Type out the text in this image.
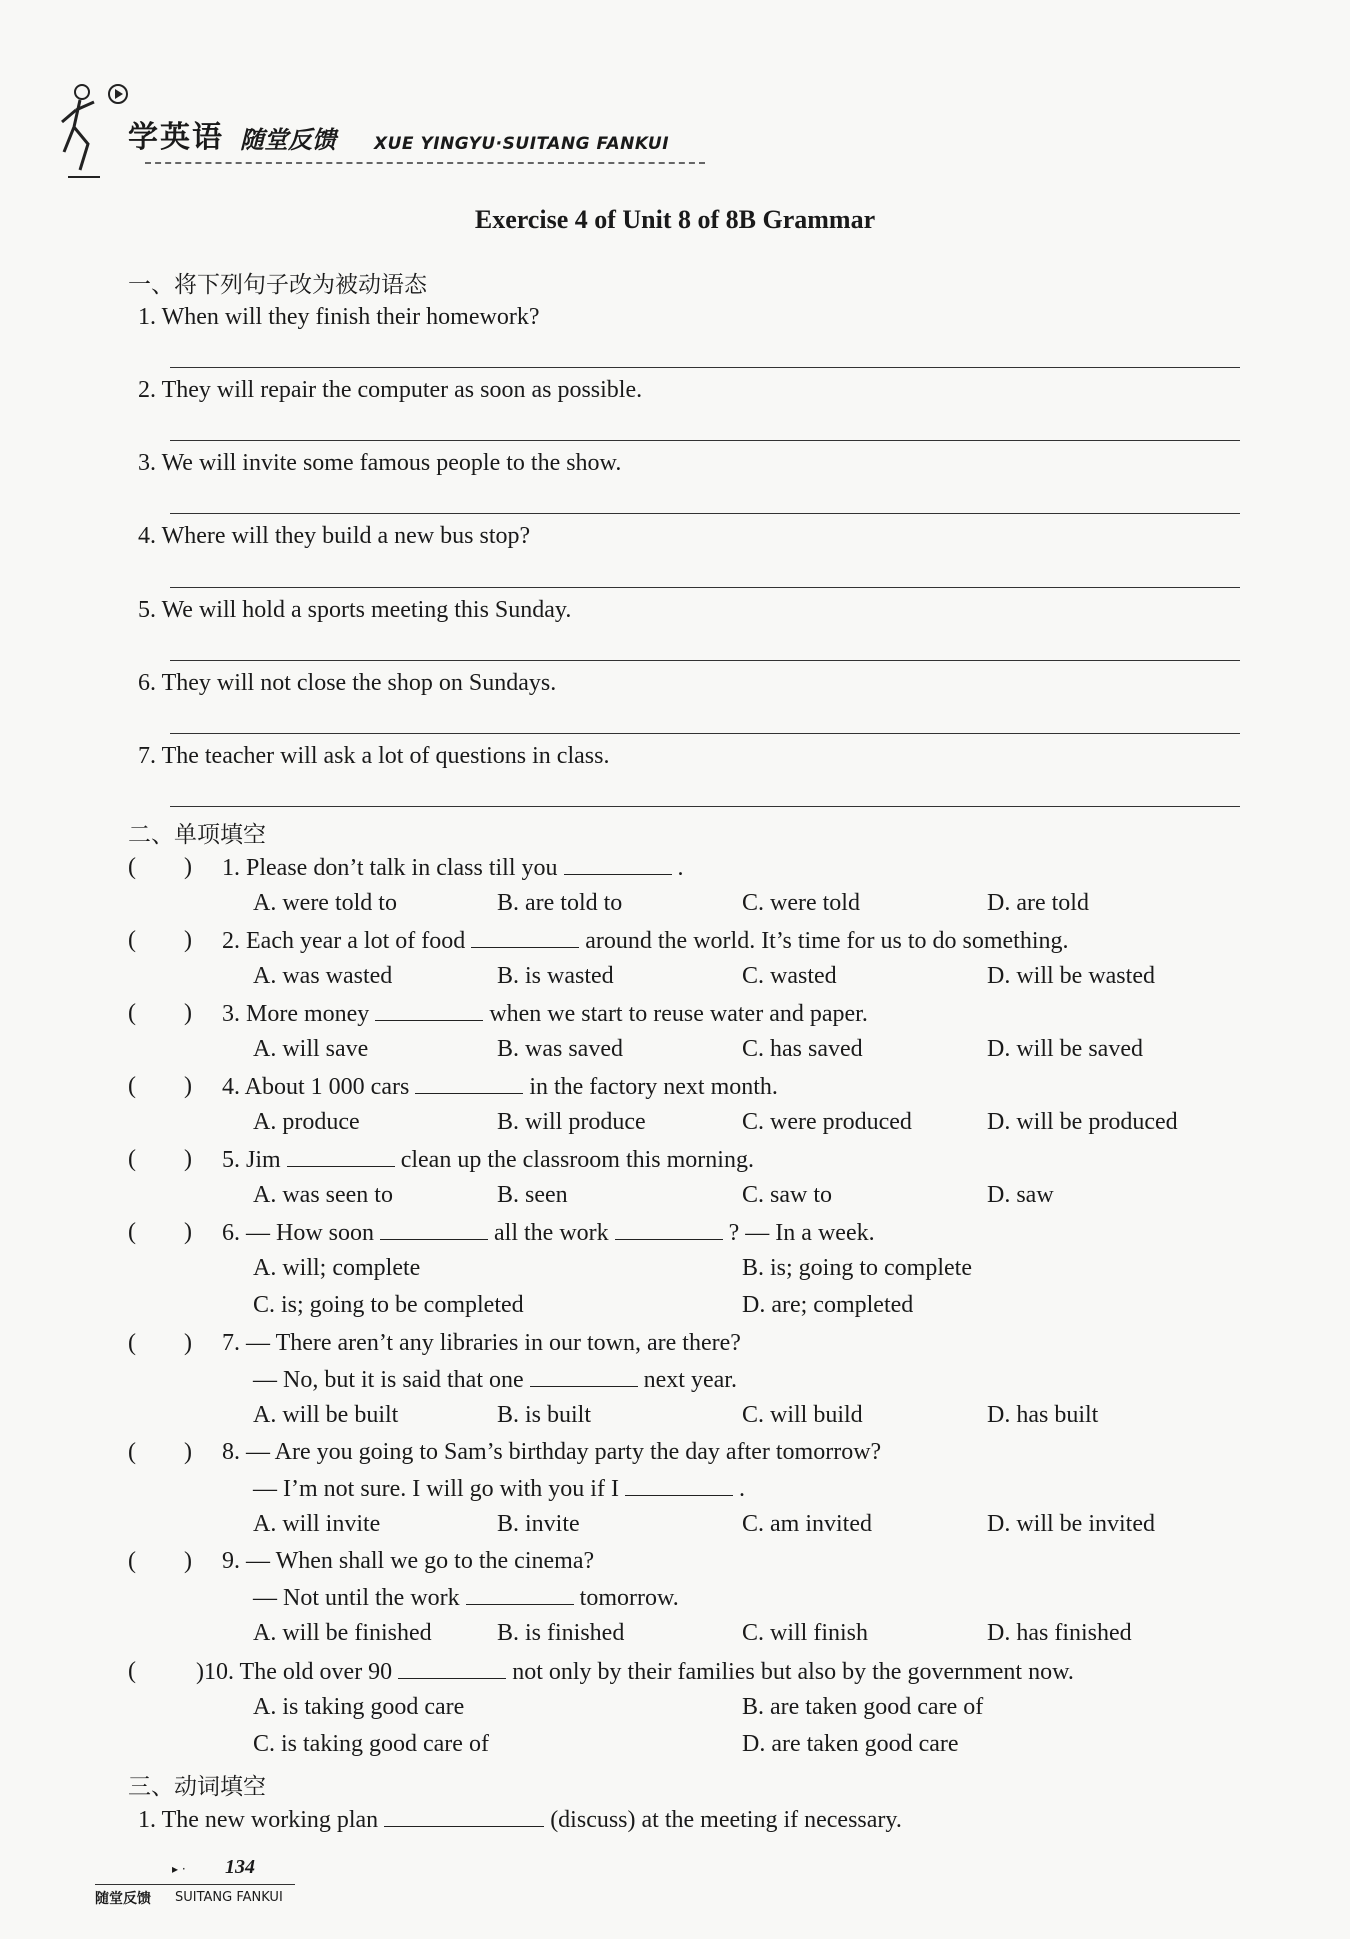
学英语 随堂反馈 XUE YINGYU·SUITANG FANKUI
Exercise 4 of Unit 8 of 8B Grammar
一、将下列句子改为被动语态
1. When will they finish their homework?
2. They will repair the computer as soon as possible.
3. We will invite some famous people to the show.
4. Where will they build a new bus stop?
5. We will hold a sports meeting this Sunday.
6. They will not close the shop on Sundays.
7. The teacher will ask a lot of questions in class.
二、单项填空
(        ) 1. Please don’t talk in class till you	.
A. were told to	B. are told to	C. were told	D. are told
(        ) 2. Each year a lot of food	around the world. It’s time for us to do something.
A. was wasted	B. is wasted	C. wasted	D. will be wasted
(        ) 3. More money	when we start to reuse water and paper.
A. will save	B. was saved	C. has saved	D. will be saved
(        ) 4. About 1 000 cars	in the factory next month.
A. produce	B. will produce	C. were produced	D. will be produced
(        ) 5. Jim	clean up the classroom this morning.
A. was seen to	B. seen	C. saw to	D. saw
(        ) 6. — How soon	all the work	? — In a week.
A. will; complete	B. is; going to complete
C. is; going to be completed	D. are; completed
(        ) 7. — There aren’t any libraries in our town, are there?
— No, but it is said that one	next year.
A. will be built	B. is built	C. will build	D. has built
(        ) 8. — Are you going to Sam’s birthday party the day after tomorrow?
— I’m not sure. I will go with you if I	.
A. will invite	B. invite	C. am invited	D. will be invited
(        ) 9. — When shall we go to the cinema?
— Not until the work	tomorrow.
A. will be finished	B. is finished	C. will finish	D. has finished
( )10. The old over 90	not only by their families but also by the government now.
A. is taking good care	B. are taken good care of
C. is taking good care of	D. are taken good care
三、动词填空
1. The new working plan	(discuss) at the meeting if necessary.
▸ · 134
随堂反馈 SUITANG FANKUI
